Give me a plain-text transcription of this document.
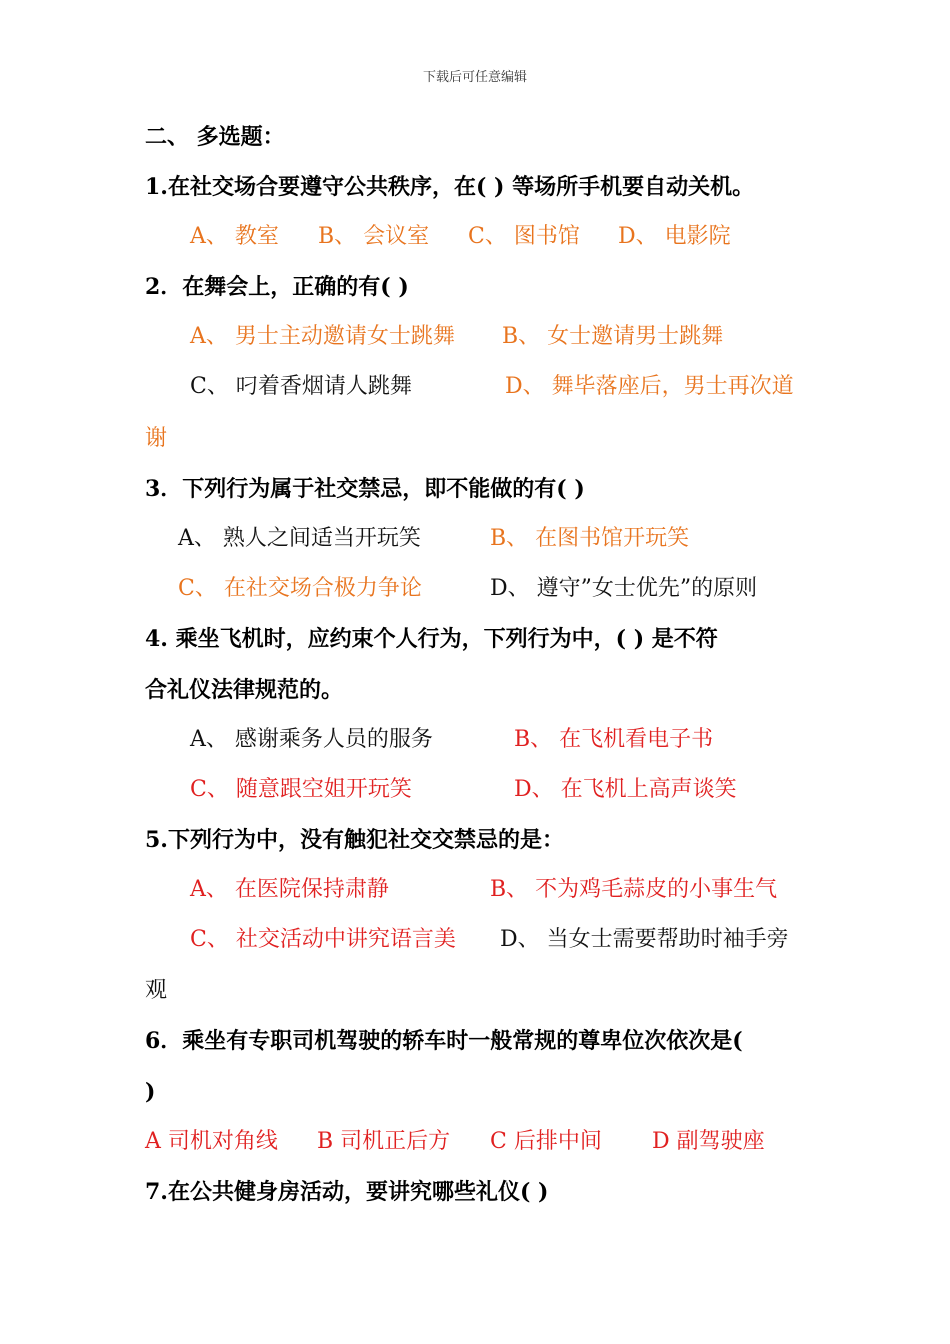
下载后可任意编辑
二、 多选题：
1.在社交场合要遵守公共秩序，在( ) 等场所手机要自动关机。
A、 教室 B、 会议室 C、 图书馆 D、 电影院
2．在舞会上，正确的有( )
A、 男士主动邀请女士跳舞 B、 女士邀请男士跳舞
C、 叼着香烟请人跳舞	D、 舞毕落座后，男士再次道
谢
3．下列行为属于社交禁忌，即不能做的有( )
A、 熟人之间适当开玩笑	B、 在图书馆开玩笑
C、 在社交场合极力争论	D、 遵守”女士优先”的原则
4. 乘坐飞机时，应约束个人行为，下列行为中，( ) 是不符
合礼仪法律规范的。
A、 感谢乘务人员的服务	B、 在飞机看电子书
C、 随意跟空姐开玩笑	D、 在飞机上高声谈笑
5.下列行为中，没有触犯社交交禁忌的是：
A、 在医院保持肃静	B、 不为鸡毛蒜皮的小事生气
C、 社交活动中讲究语言美 D、 当女士需要帮助时袖手旁
观
6．乘坐有专职司机驾驶的轿车时一般常规的尊卑位次依次是(
)
A 司机对角线 B 司机正后方 C 后排中间 D 副驾驶座
7.在公共健身房活动，要讲究哪些礼仪( )
